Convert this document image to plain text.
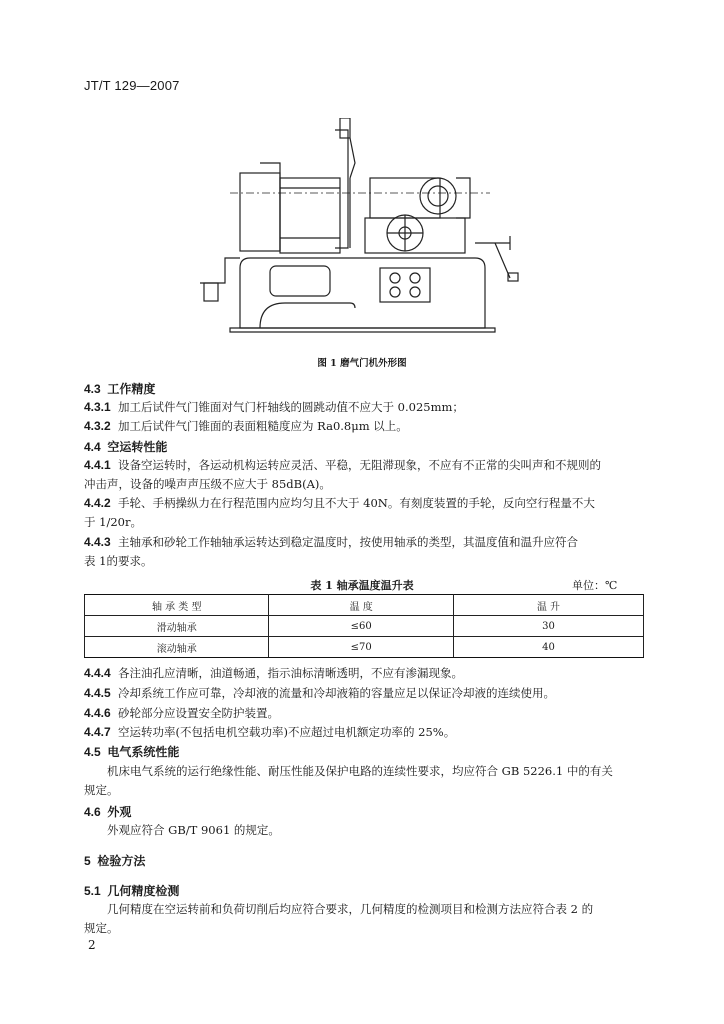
JT/T 129—2007
图 1 磨气门机外形图
4.3 工作精度
4.3.1 加工后试件气门锥面对气门杆轴线的圆跳动值不应大于 0.025mm；
4.3.2 加工后试件气门锥面的表面粗糙度应为 Ra0.8μm 以上。
4.4 空运转性能
4.4.1 设备空运转时，各运动机构运转应灵活、平稳，无阻滞现象，不应有不正常的尖叫声和不规则的
冲击声，设备的噪声声压级不应大于 85dB(A)。
4.4.2 手轮、手柄操纵力在行程范围内应均匀且不大于 40N。有刻度装置的手轮，反向空行程量不大
于 1/20r。
4.4.3 主轴承和砂轮工作轴轴承运转达到稳定温度时，按使用轴承的类型，其温度值和温升应符合
表 1的要求。
表 1 轴承温度温升表	单位：℃
轴 承 类 型	温 度	温 升
滑动轴承	≤60	30
滚动轴承	≤70	40
4.4.4 各注油孔应清晰，油道畅通，指示油标清晰透明，不应有渗漏现象。
4.4.5 冷却系统工作应可靠，冷却液的流量和冷却液箱的容量应足以保证冷却液的连续使用。
4.4.6 砂轮部分应设置安全防护装置。
4.4.7 空运转功率(不包括电机空载功率)不应超过电机额定功率的 25%。
4.5 电气系统性能
机床电气系统的运行绝缘性能、耐压性能及保护电路的连续性要求，均应符合 GB 5226.1 中的有关
规定。
4.6 外观
外观应符合 GB/T 9061 的规定。
5 检验方法
5.1 几何精度检测
几何精度在空运转前和负荷切削后均应符合要求，几何精度的检测项目和检测方法应符合表 2 的
规定。
2
